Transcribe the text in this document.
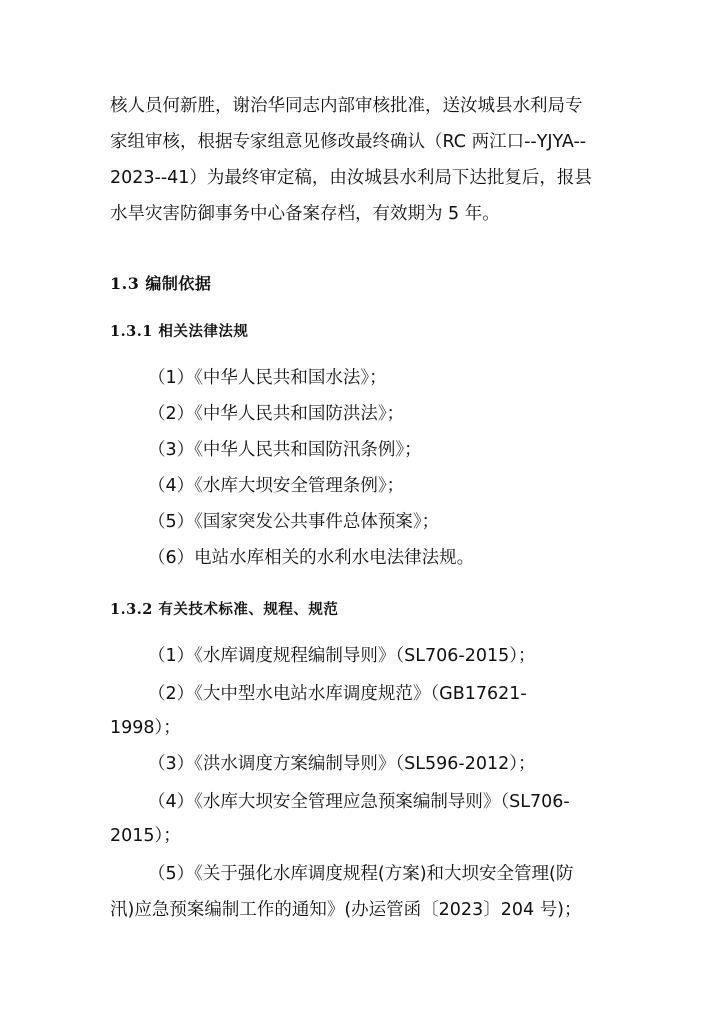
核人员何新胜，谢治华同志内部审核批准，送汝城县水利局专
家组审核，根据专家组意见修改最终确认（RC 两江口--YJYA--
2023--41）为最终审定稿，由汝城县水利局下达批复后，报县
水旱灾害防御事务中心备案存档，有效期为 5 年。
1.3 编制依据
1.3.1 相关法律法规
（1）《中华人民共和国水法》；
（2）《中华人民共和国防洪法》；
（3）《中华人民共和国防汛条例》；
（4）《水库大坝安全管理条例》；
（5）《国家突发公共事件总体预案》；
（6）电站水库相关的水利水电法律法规。
1.3.2 有关技术标准、规程、规范
（1）《水库调度规程编制导则》（SL706-2015）；
（2）《大中型水电站水库调度规范》（GB17621-
1998）；
（3）《洪水调度方案编制导则》（SL596-2012）；
（4）《水库大坝安全管理应急预案编制导则》（SL706-
2015）；
（5）《关于强化水库调度规程(方案)和大坝安全管理(防
汛)应急预案编制工作的通知》(办运管函〔2023〕204 号)；
